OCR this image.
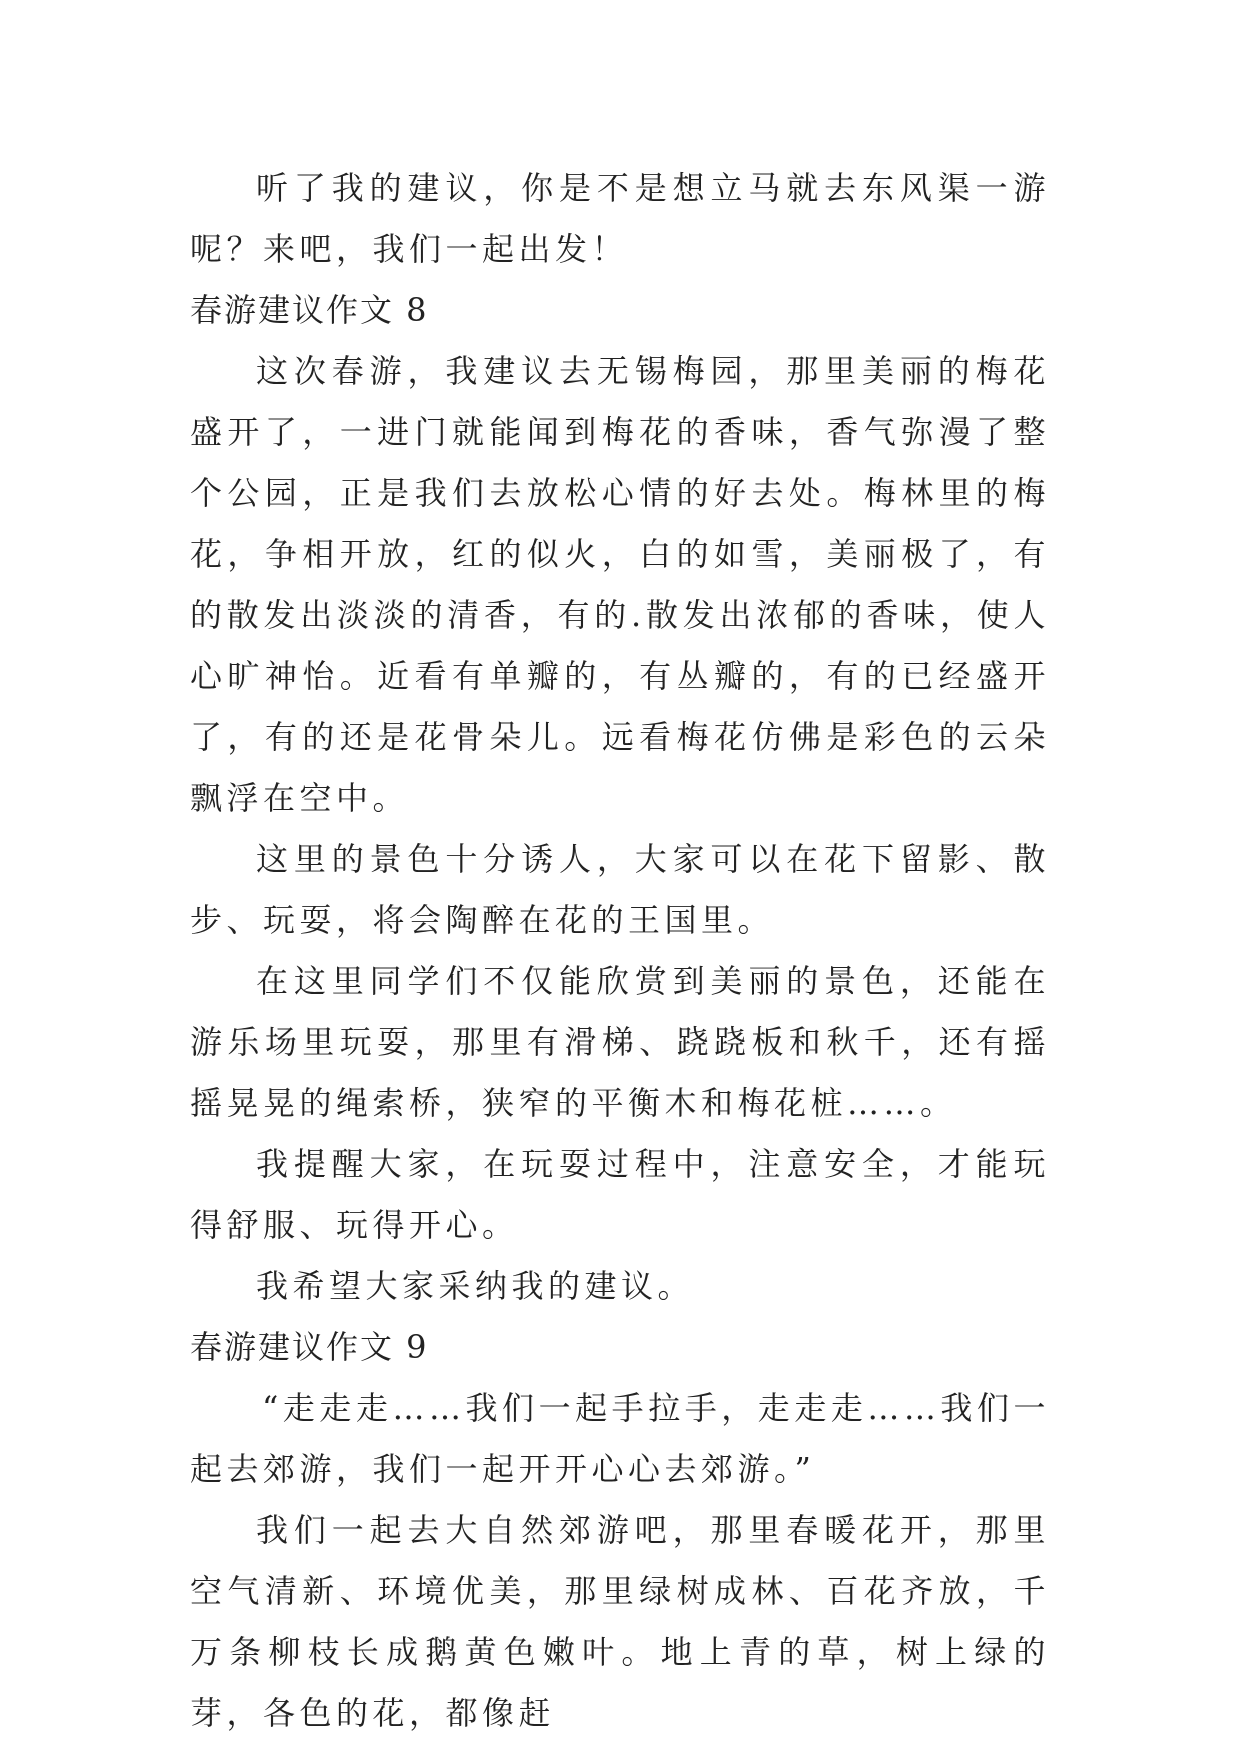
听了我的建议，你是不是想立马就去东风渠一游呢？来吧，我们一起出发！

春游建议作文 8

这次春游，我建议去无锡梅园，那里美丽的梅花盛开了，一进门就能闻到梅花的香味，香气弥漫了整个公园，正是我们去放松心情的好去处。梅林里的梅花，争相开放，红的似火，白的如雪，美丽极了，有的散发出淡淡的清香，有的.散发出浓郁的香味，使人心旷神怡。近看有单瓣的，有丛瓣的，有的已经盛开了，有的还是花骨朵儿。远看梅花仿佛是彩色的云朵飘浮在空中。

这里的景色十分诱人，大家可以在花下留影、散步、玩耍，将会陶醉在花的王国里。

在这里同学们不仅能欣赏到美丽的景色，还能在游乐场里玩耍，那里有滑梯、跷跷板和秋千，还有摇摇晃晃的绳索桥，狭窄的平衡木和梅花桩……。

我提醒大家，在玩耍过程中，注意安全，才能玩得舒服、玩得开心。

我希望大家采纳我的建议。

春游建议作文 9

“走走走……我们一起手拉手，走走走……我们一起去郊游，我们一起开开心心去郊游。”

我们一起去大自然郊游吧，那里春暖花开，那里空气清新、环境优美，那里绿树成林、百花齐放，千万条柳枝长成鹅黄色嫩叶。地上青的草，树上绿的芽，各色的花，都像赶
